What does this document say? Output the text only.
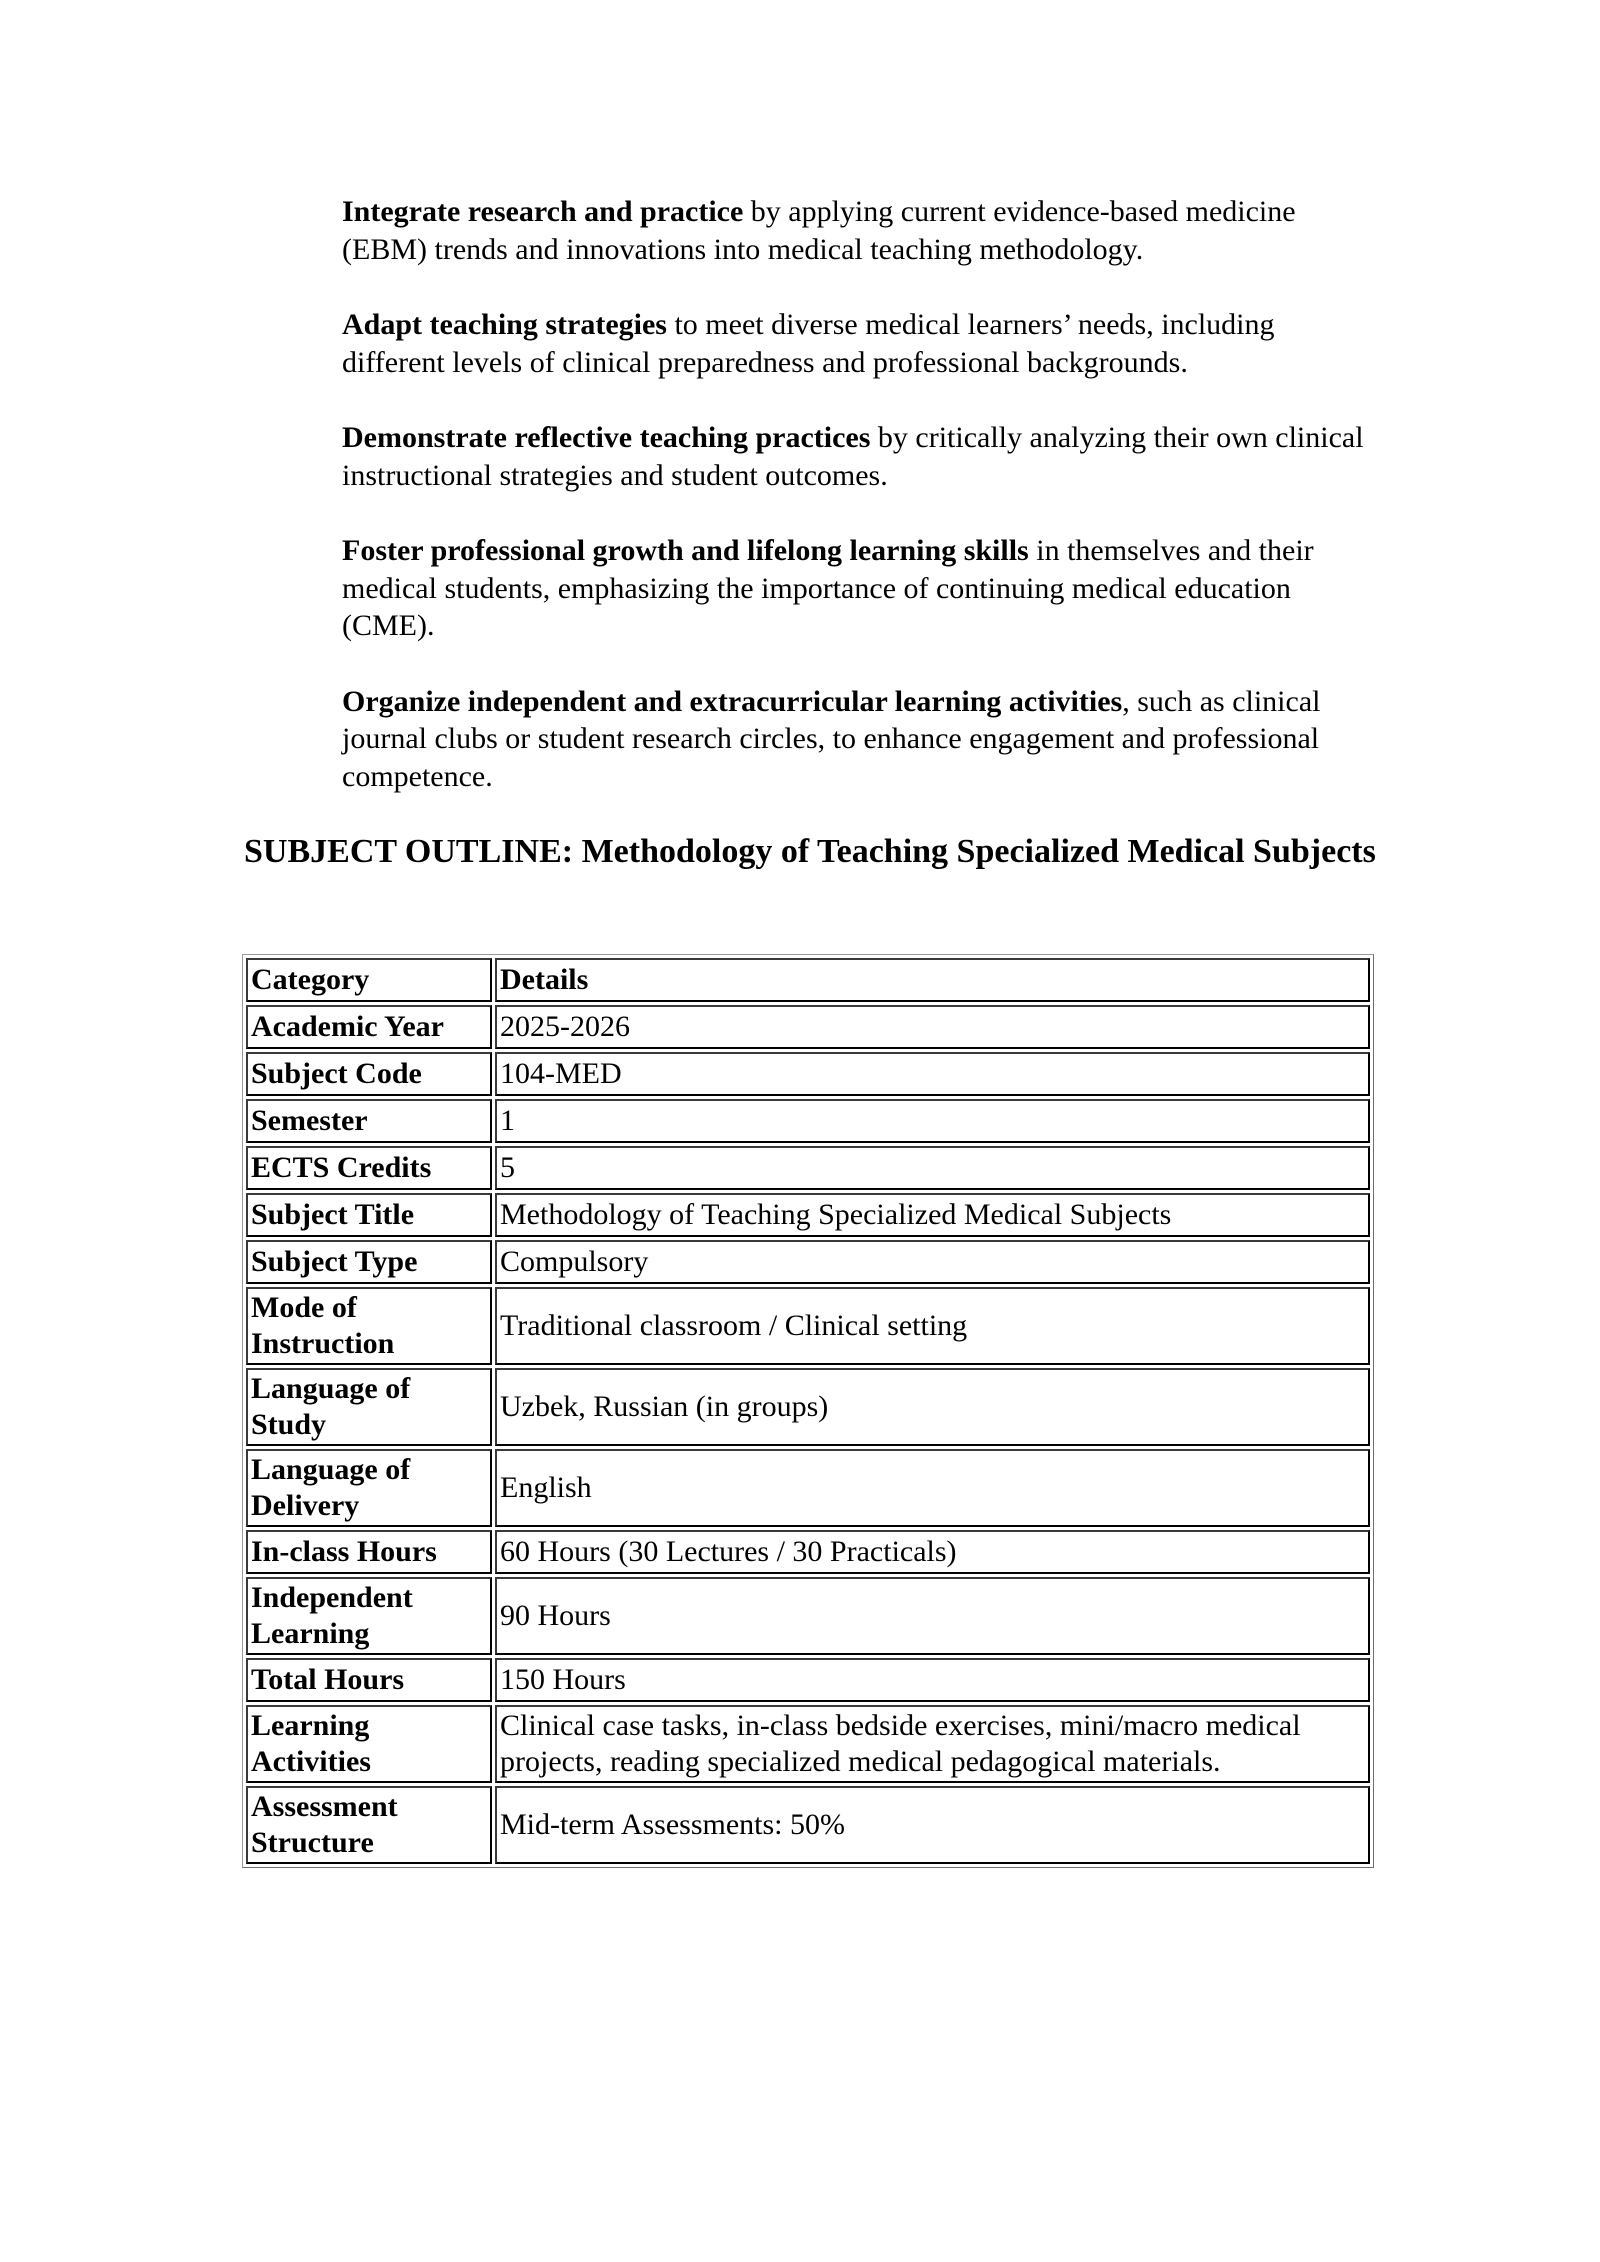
Integrate research and practice by applying current evidence-based medicine (EBM) trends and innovations into medical teaching methodology.

Adapt teaching strategies to meet diverse medical learners’ needs, including different levels of clinical preparedness and professional backgrounds.

Demonstrate reflective teaching practices by critically analyzing their own clinical instructional strategies and student outcomes.

Foster professional growth and lifelong learning skills in themselves and their medical students, emphasizing the importance of continuing medical education (CME).

Organize independent and extracurricular learning activities, such as clinical journal clubs or student research circles, to enhance engagement and professional competence.

SUBJECT OUTLINE: Methodology of Teaching Specialized Medical Subjects
Category	Details
Academic Year	2025-2026
Subject Code	104-MED
Semester	1
ECTS Credits	5
Subject Title	Methodology of Teaching Specialized Medical Subjects
Subject Type	Compulsory
Mode of Instruction	Traditional classroom / Clinical setting
Language of Study	Uzbek, Russian (in groups)
Language of Delivery	English
In-class Hours	60 Hours (30 Lectures / 30 Practicals)
Independent Learning	90 Hours
Total Hours	150 Hours
Learning Activities	Clinical case tasks, in-class bedside exercises, mini/macro medical projects, reading specialized medical pedagogical materials.
Assessment Structure	Mid-term Assessments: 50%
